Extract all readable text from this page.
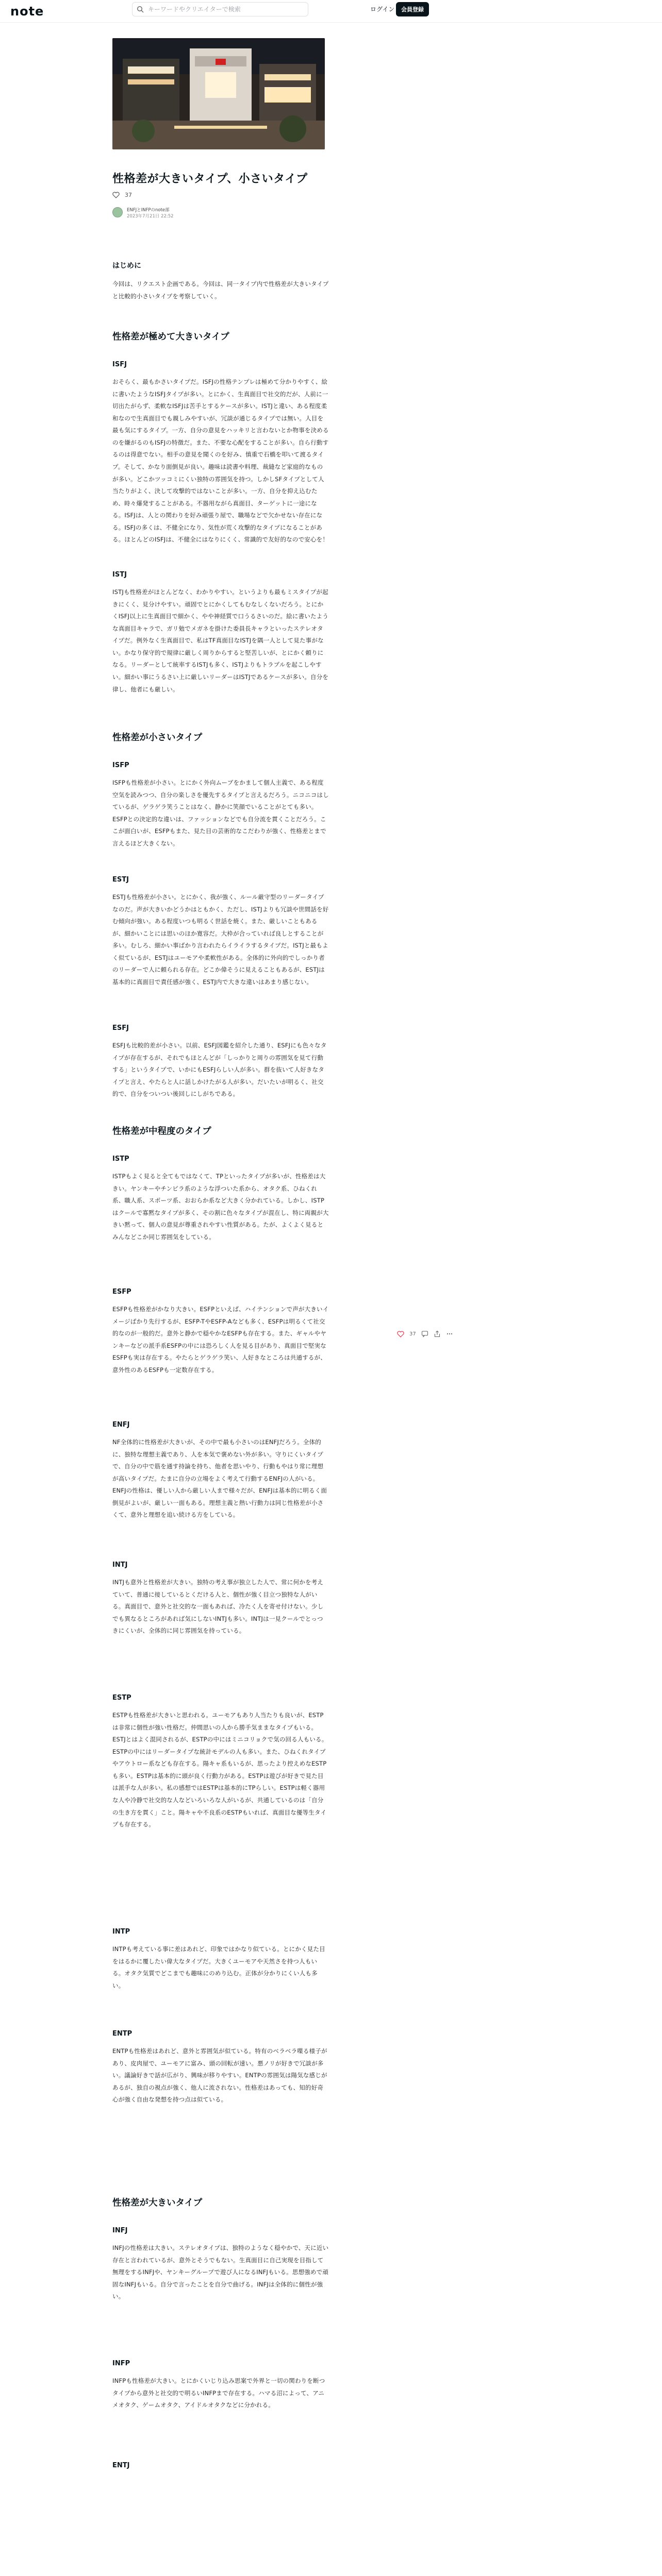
note
キーワードやクリエイターで検索	ログイン	会員登録
性格差が大きいタイプ、小さいタイプ
37
ENFJとINFPのnote部
2023年7月21日 22:52
はじめに
今回は、リクエスト企画である。今回は、同一タイプ内で性格差が大きいタイプと比較的小さいタイプを考察していく。
性格差が極めて大きいタイプ
ISFJ
おそらく、最もかさいタイプだ。ISFJの性格テンプレは極めて分かりやすく、絵に書いたようなISFJタイプが多い。とにかく、生真面目で社交的だが、人前に一切出たがらず、柔軟なISFJは苦手とするケースが多い。ISTJと違い、ある程度柔和なので生真面目でも親しみやすいが、冗談が通じるタイプでは無い。人目を最も気にするタイプ。一方、自分の意見をハッキリと言わないとか物事を決めるのを嫌がるのもISFJの特徴だ。また、不要な心配をすることが多い。自ら行動するのは得意でない。相手の意見を聞くのを好み、慎重で石橋を叩いて渡るタイプ。そして、かなり面倒見が良い。趣味は読書や料理、裁縫など家庭的なものが多い。どこかツッコミにくい独特の雰囲気を持つ。しかしSFタイプとして人当たりがよく、決して攻撃的ではないことが多い。一方、自分を抑え込むため、時々爆発することがある。不器用ながら真面目、ターゲットに一途になる。ISFJは、人との関わりを好み頑張り屋で、職場などで欠かせない存在になる。ISFJの多くは、不健全になり、気性が荒く攻撃的なタイプになることがある。ほとんどのISFJは、不健全にはなりにくく、常識的で友好的なので安心を！
ISTJ
ISTJも性格差がほとんどなく、わかりやすい。というよりも最もミスタイプが起きにくく、見分けやすい。頑固でとにかくしてもむなしくないだろう。とにかくISFJ以上に生真面目で細かく、やや神経質で口うるさいのだ。絵に書いたような真面目キャラで、ガリ勉でメガネを掛けた委員長キャラといったステレオタイプだ。例外なく生真面目で、私はTF真面目なISTJを隅一人として見た事がない。かなり保守的で規律に厳しく周りからすると堅苦しいが、とにかく頼りになる。リーダーとして統率するISTJも多く、ISTJよりもトラブルを起こしやすい。細かい事にうるさい上に厳しいリーダーはISTJであるケースが多い。自分を律し、他者にも厳しい。
性格差が小さいタイプ
ISFP
ISFPも性格差が小さい。とにかく外向ムーブをかまして個人主義で、ある程度空気を読みつつ、自分の楽しさを優先するタイプと言えるだろう。ニコニコはしているが、ゲラゲラ笑うことはなく、静かに笑顔でいることがとても多い。ESFPとの決定的な違いは、ファッションなどでも自分流を貫くことだろう。ここが面白いが、ESFPもまた、見た目の芸術的なこだわりが強く、性格差とまで言えるほど大きくない。
ESTJ
ESTJも性格差が小さい。とにかく、我が強く、ルール厳守型のリーダータイプなのだ。声が大きいかどうかはともかく、ただし、ISTJよりも冗談や世間話を好む傾向が強い。ある程度いつも明るく世話を焼く。また、厳しいこともあるが、細かいことには思いのほか寛容だ。大枠が合っていれば良しとすることが多い。むしろ、細かい事ばかり言われたらイライラするタイプだ。ISTJと最もよく似ているが、ESTJはユーモアや柔軟性がある。全体的に外向的でしっかり者のリーダーで人に頼られる存在。どこか偉そうに見えることもあるが、ESTJは基本的に真面目で責任感が強く、ESTJ内で大きな違いはあまり感じない。
ESFJ
ESFJも比較的差が小さい。以前、ESFJ図鑑を紹介した通り、ESFJにも色々なタイプが存在するが、それでもほとんどが「しっかりと周りの雰囲気を見て行動する」というタイプで、いかにもESFJらしい人が多い。群を抜いて人好きなタイプと言え、やたらと人に話しかけたがる人が多い。だいたいが明るく、社交的で、自分をついつい後回しにしがちである。
性格差が中程度のタイプ
ISTP
ISTPもよく見ると全てもではなくて、TPといったタイプが多いが、性格差は大きい。ヤンキーやチンピラ系のような浮ついた系から、オタク系、ひねくれ系、職人系、スポーツ系、おおらか系など大きく分かれている。しかし、ISTPはクールで寡黙なタイプが多く、その割に色々なタイプが混在し、特に両親が大きい黙って、個人の意見が尊重されやすい性質がある。たが、よくよく見るとみんなどこか同じ雰囲気をしている。
ESFP
ESFPも性格差がかなり大きい。ESFPといえば、ハイテンションで声が大きいイメージばかり先行するが、ESFP-TやESFP-Aなども多く、ESFPは明るくて社交的なのが一般的だ。意外と静かで穏やかなESFPも存在する。また、ギャルやヤンキーなどの派手系ESFPの中には恐ろしく人を見る目があり、真面目で堅実なESFPも実は存在する。やたらとゲラゲラ笑い、人好きなところは共通するが、意外性のあるESFPも一定数存在する。
ENFJ
NF全体的に性格差が大きいが、その中で最も小さいのはENFJだろう。全体的に、独特な理想主義であり、人を本気で褒めない外が多い。守りにくいタイプで、自分の中で筋を通す持論を持ち、他者を思いやり、行動もやはり常に理想が高いタイプだ。たまに自分の立場をよく考えて行動するENFJの人がいる。ENFJの性格は、優しい人から厳しい人まで様々だが、ENFJは基本的に明るく面倒見がよいが、厳しい一面もある。理想主義と熱い行動力は同じ性格差が小さくて、意外と理想を追い続ける方をしている。
INTJ
INTJも意外と性格差が大きい。独特の考え事が独立した人で、常に何かを考えていて、普通に接しているとくだける人と、個性が強く目立つ独特な人がいる。真面目で、意外と社交的な一面もあれば、冷たく人を寄せ付けない。少しでも異なるところがあれば気にしないINTJも多い。INTJは一見クールでとっつきにくいが、全体的に同じ雰囲気を持っている。
ESTP
ESTPも性格差が大きいと思われる。ユーモアもあり人当たりも良いが、ESTPは非常に個性が強い性格だ。仲間思いの人から勝手気ままなタイプもいる。ESTJとはよく混同されるが、ESTPの中にはミニコリョクで気の回る人もいる。ESTPの中にはリーダータイプな統計モデルの人も多い。また、ひねくれタイプやアウトロー系なども存在する。陽キャ系もいるが、思ったより控えめなESTPも多い。ESTPは基本的に頭が良く行動力がある。ESTPは遊びが好きで見た目は派手な人が多い。私の感想ではESTPは基本的にTPらしい。ESTPは軽く器用な人や冷静で社交的な人などいろいろな人がいるが、共通しているのは「自分の生き方を貫く」こと。陽キャや不良系のESTPもいれば、真面目な優等生タイプも存在する。
INTP
INTPも考えている事に差はあれど、印象ではかなり似ている。とにかく見た目をはるかに覆したい偉大なタイプだ。大きくユーモアや天然さを持つ人もいる。オタク気質でどこまでも趣味にのめり込む。正体が分かりにくい人も多い。
ENTP
ENTPも性格差はあれど、意外と雰囲気が似ている。特有のベラベラ喋る様子があり、皮肉屋で、ユーモアに富み、頭の回転が速い。悪ノリが好きで冗談が多い。議論好きで話が広がり、興味が移りやすい。ENTPの雰囲気は陽気な感じがあるが、独自の視点が強く、他人に流されない。性格差はあっても、知的好奇心が強く自由な発想を持つ点は似ている。
性格差が大きいタイプ
INFJ
INFJの性格差は大きい。ステレオタイプは、独特のようなく穏やかで、天に近い存在と言われているが、意外とそうでもない。生真面目に自己実現を目指して無理をするINFJや、ヤンキーグループで遊び人になるINFJもいる。思想強めで頑固なINFJもいる。自分で言ったことを自分で曲げる。INFJは全体的に個性が強い。
INFP
INFPも性格差が大きい。とにかくいじり込み思案で外界と一切の関わりを断つタイプから意外と社交的で明るいINFPまで存在する。ハマる沼によって、アニメオタク、ゲームオタク、アイドルオタクなどに分かれる。
ENTJ
37
